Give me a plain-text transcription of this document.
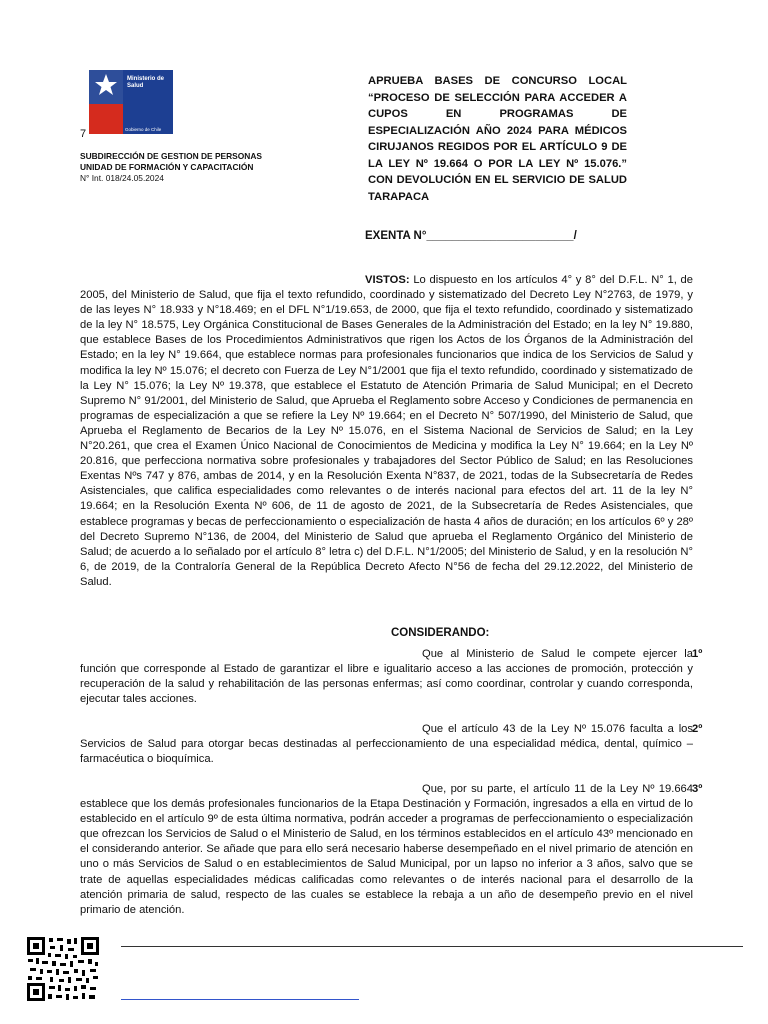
Ministerio de
Salud
Gobierno de Chile
7
SUBDIRECCIÓN DE GESTION DE PERSONAS
UNIDAD DE FORMACIÓN Y CAPACITACIÓN
N° Int. 018/24.05.2024
APRUEBA BASES DE CONCURSO LOCAL “PROCESO DE SELECCIÓN PARA ACCEDER A CUPOS EN PROGRAMAS DE ESPECIALIZACIÓN AÑO 2024 PARA MÉDICOS CIRUJANOS REGIDOS POR EL ARTÍCULO 9 DE LA LEY Nº 19.664 O POR LA LEY Nº 15.076.” CON DEVOLUCIÓN EN EL SERVICIO DE SALUD TARAPACA
EXENTA N°_______________________/
VISTOS: Lo dispuesto en los artículos 4° y 8° del D.F.L. N° 1, de 2005, del Ministerio de Salud, que fija el texto refundido, coordinado y sistematizado del Decreto Ley N°2763, de 1979, y de las leyes N° 18.933 y N°18.469; en el DFL N°1/19.653, de 2000, que fija el texto refundido, coordinado y sistematizado de la ley N° 18.575, Ley Orgánica Constitucional de Bases Generales de la Administración del Estado; en la ley N° 19.880, que establece Bases de los Procedimientos Administrativos que rigen los Actos de los Órganos de la Administración del Estado; en la ley N° 19.664, que establece normas para profesionales funcionarios que indica de los Servicios de Salud y modifica la ley Nº 15.076; el decreto con Fuerza de Ley N°1/2001 que fija el texto refundido, coordinado y sistematizado de la Ley N° 15.076; la Ley Nº 19.378, que establece el Estatuto de Atención Primaria de Salud Municipal; en el Decreto Supremo N° 91/2001, del Ministerio de Salud, que Aprueba el Reglamento sobre Acceso y Condiciones de permanencia en programas de especialización a que se refiere la Ley Nº 19.664; en el Decreto N° 507/1990, del Ministerio de Salud, que Aprueba el Reglamento de Becarios de la Ley Nº 15.076, en el Sistema Nacional de Servicios de Salud; en la Ley N°20.261, que crea el Examen Único Nacional de Conocimientos de Medicina y modifica la Ley N° 19.664; en la Ley Nº 20.816, que perfecciona normativa sobre profesionales y trabajadores del Sector Público de Salud; en las Resoluciones Exentas Nºs 747 y 876, ambas de 2014, y en la Resolución Exenta N°837, de 2021, todas de la Subsecretaría de Redes Asistenciales, que califica especialidades como relevantes o de interés nacional para efectos del art. 11 de la ley N° 19.664; en la Resolución Exenta Nº 606, de 11 de agosto de 2021, de la Subsecretaría de Redes Asistenciales, que establece programas y becas de perfeccionamiento o especialización de hasta 4 años de duración; en los artículos 6º y 28º del Decreto Supremo N°136, de 2004, del Ministerio de Salud que aprueba el Reglamento Orgánico del Ministerio de Salud; de acuerdo a lo señalado por el artículo 8° letra c) del D.F.L. N°1/2005; del Ministerio de Salud, y en la resolución N° 6, de 2019, de la Contraloría General de la República Decreto Afecto N°56 de fecha del 29.12.2022, del Ministerio de Salud.
CONSIDERANDO:
1ºQue al Ministerio de Salud le compete ejercer la función que corresponde al Estado de garantizar el libre e igualitario acceso a las acciones de promoción, protección y recuperación de la salud y rehabilitación de las personas enfermas; así como coordinar, controlar y cuando corresponda, ejecutar tales acciones.
2ºQue el artículo 43 de la Ley Nº 15.076 faculta a los Servicios de Salud para otorgar becas destinadas al perfeccionamiento de una especialidad médica, dental, químico – farmacéutica o bioquímica.
3ºQue, por su parte, el artículo 11 de la Ley Nº 19.664 establece que los demás profesionales funcionarios de la Etapa Destinación y Formación, ingresados a ella en virtud de lo establecido en el artículo 9º de esta última normativa, podrán acceder a programas de perfeccionamiento o especialización que ofrezcan los Servicios de Salud o el Ministerio de Salud, en los términos establecidos en el artículo 43º mencionado en el considerando anterior. Se añade que para ello será necesario haberse desempeñado en el nivel primario de atención en uno o más Servicios de Salud o en establecimientos de Salud Municipal, por un lapso no inferior a 3 años, salvo que se trate de aquellas especialidades médicas calificadas como relevantes o de interés nacional para el desarrollo de la atención primaria de salud, respecto de las cuales se establece la rebaja a un año de desempeño previo en el nivel primario de atención.
